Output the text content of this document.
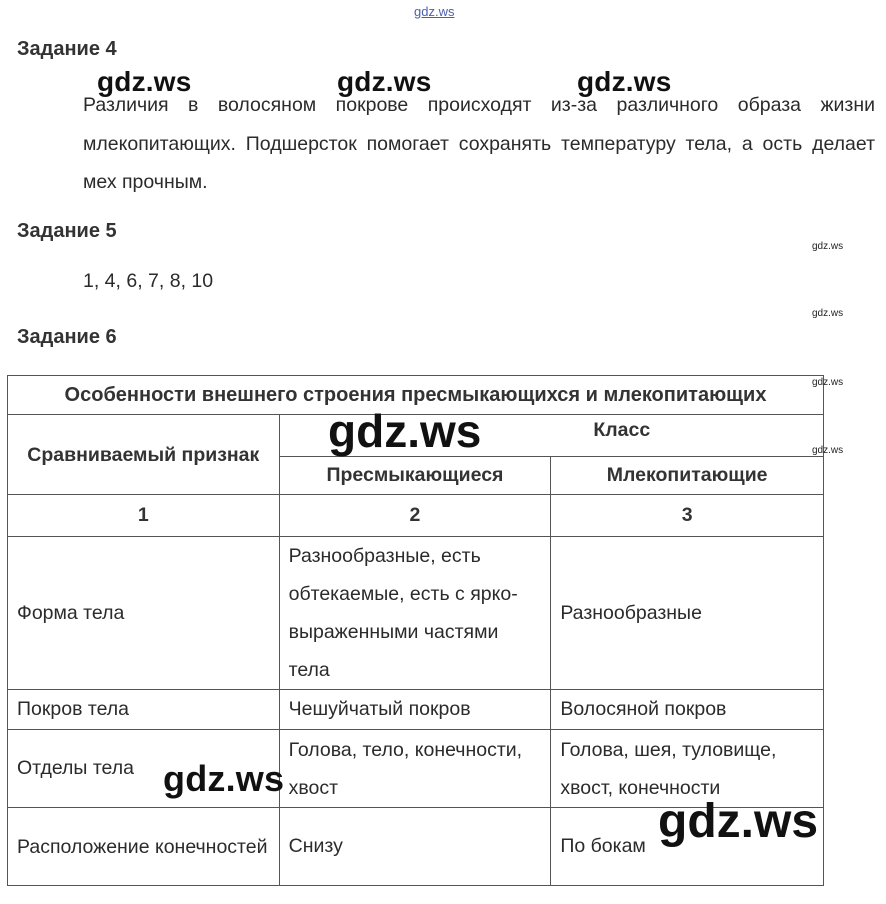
gdz.ws
Задание 4
Различия в волосяном покрове происходят из-за различного образа жизни млекопитающих. Подшерсток помогает сохранять температуру тела, а ость делает мех прочным.
gdz.ws	gdz.ws	gdz.ws
Задание 5
1, 4, 6, 7, 8, 10
gdz.ws
gdz.ws
Задание 6
Особенности внешнего строения пресмыкающихся и млекопитающих		
Сравниваемый признак	Класс	
	Пресмыкающиеся	Млекопитающие
1	2	3
Форма тела	Разнообразные, есть обтекаемые, есть с ярко-выраженными частями тела	Разнообразные
Покров тела	Чешуйчатый покров	Волосяной покров
Отделы тела	Голова, тело, конечности, хвост	Голова, шея, туловище, хвост, конечности
Расположение конечностей	Снизу	По бокам
gdz.ws
gdz.ws
gdz.ws
gdz.ws
gdz.ws
